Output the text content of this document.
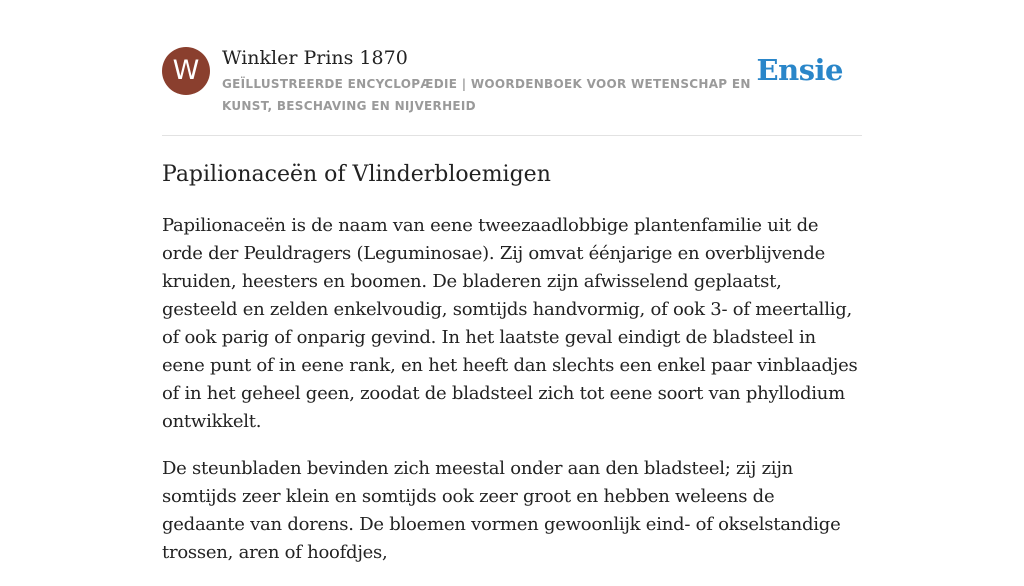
W	Winkler Prins 1870
GEÏLLUSTREERDE ENCYCLOPÆDIE | WOORDENBOEK VOOR WETENSCHAP EN KUNST, BESCHAVING EN NIJVERHEID
Ensie
Papilionaceën of Vlinderbloemigen

Papilionaceën is de naam van eene tweezaadlobbige plantenfamilie uit de orde der Peuldragers (Leguminosae). Zij omvat éénjarige en overblijvende kruiden, heesters en boomen. De bladeren zijn afwisselend geplaatst, gesteeld en zelden enkelvoudig, somtijds handvormig, of ook 3- of meertallig, of ook parig of onparig gevind. In het laatste geval eindigt de bladsteel in eene punt of in eene rank, en het heeft dan slechts een enkel paar vinblaadjes of in het geheel geen, zoodat de bladsteel zich tot eene soort van phyllodium ontwikkelt.

De steunbladen bevinden zich meestal onder aan den bladsteel; zij zijn somtijds zeer klein en somtijds ook zeer groot en hebben weleens de gedaante van dorens. De bloemen vormen gewoonlijk eind- of okselstandige trossen, aren of hoofdjes,
